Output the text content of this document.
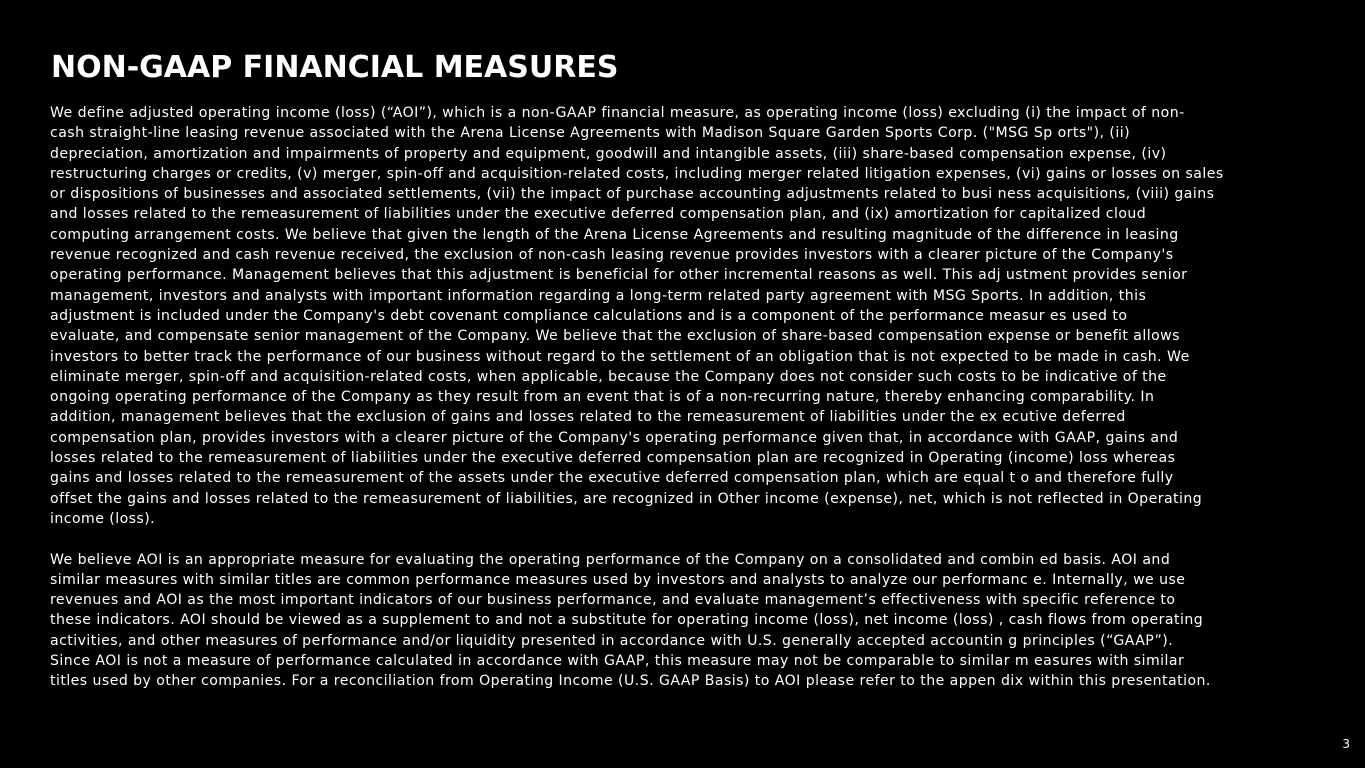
NON-GAAP FINANCIAL MEASURES

We define adjusted operating income (loss) (“AOI”), which is a non-GAAP financial measure, as operating income (loss) excluding (i) the impact of non-
cash straight-line leasing revenue associated with the Arena License Agreements with Madison Square Garden Sports Corp. ("MSG Sp orts"), (ii)
depreciation, amortization and impairments of property and equipment, goodwill and intangible assets, (iii) share-based compensation expense, (iv)
restructuring charges or credits, (v) merger, spin-off and acquisition-related costs, including merger related litigation expenses, (vi) gains or losses on sales
or dispositions of businesses and associated settlements, (vii) the impact of purchase accounting adjustments related to busi ness acquisitions, (viii) gains
and losses related to the remeasurement of liabilities under the executive deferred compensation plan, and (ix) amortization for capitalized cloud
computing arrangement costs. We believe that given the length of the Arena License Agreements and resulting magnitude of the difference in leasing
revenue recognized and cash revenue received, the exclusion of non-cash leasing revenue provides investors with a clearer picture of the Company's
operating performance. Management believes that this adjustment is beneficial for other incremental reasons as well. This adj ustment provides senior
management, investors and analysts with important information regarding a long-term related party agreement with MSG Sports. In addition, this
adjustment is included under the Company's debt covenant compliance calculations and is a component of the performance measur es used to
evaluate, and compensate senior management of the Company. We believe that the exclusion of share-based compensation expense or benefit allows
investors to better track the performance of our business without regard to the settlement of an obligation that is not expected to be made in cash. We
eliminate merger, spin-off and acquisition-related costs, when applicable, because the Company does not consider such costs to be indicative of the
ongoing operating performance of the Company as they result from an event that is of a non-recurring nature, thereby enhancing comparability. In
addition, management believes that the exclusion of gains and losses related to the remeasurement of liabilities under the ex ecutive deferred
compensation plan, provides investors with a clearer picture of the Company's operating performance given that, in accordance with GAAP, gains and
losses related to the remeasurement of liabilities under the executive deferred compensation plan are recognized in Operating (income) loss whereas
gains and losses related to the remeasurement of the assets under the executive deferred compensation plan, which are equal t o and therefore fully
offset the gains and losses related to the remeasurement of liabilities, are recognized in Other income (expense), net, which is not reflected in Operating
income (loss).

We believe AOI is an appropriate measure for evaluating the operating performance of the Company on a consolidated and combin ed basis. AOI and
similar measures with similar titles are common performance measures used by investors and analysts to analyze our performanc e. Internally, we use
revenues and AOI as the most important indicators of our business performance, and evaluate management’s effectiveness with specific reference to
these indicators. AOI should be viewed as a supplement to and not a substitute for operating income (loss), net income (loss) , cash flows from operating
activities, and other measures of performance and/or liquidity presented in accordance with U.S. generally accepted accountin g principles (“GAAP”).
Since AOI is not a measure of performance calculated in accordance with GAAP, this measure may not be comparable to similar m easures with similar
titles used by other companies. For a reconciliation from Operating Income (U.S. GAAP Basis) to AOI please refer to the appen dix within this presentation.

3
